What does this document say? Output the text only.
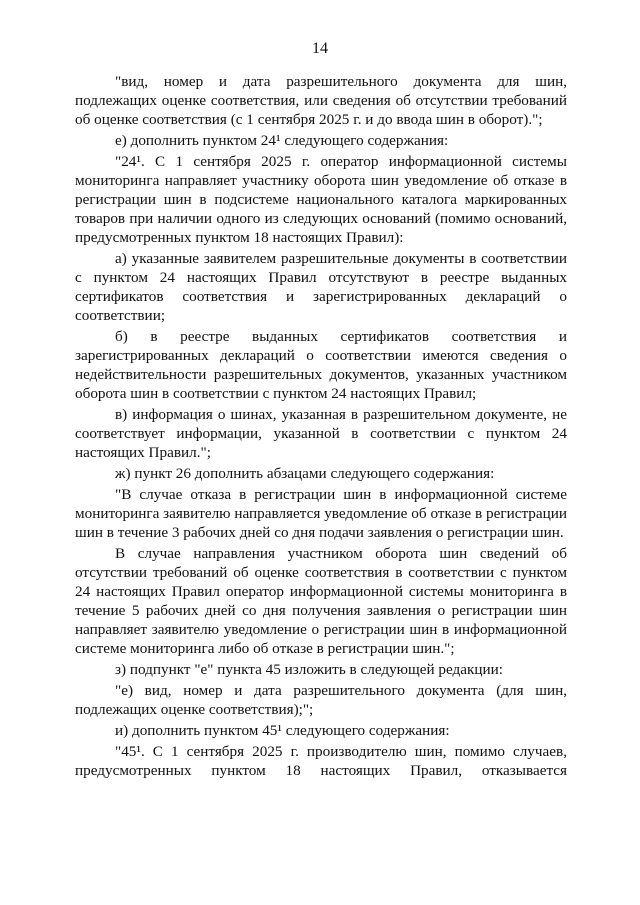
14

"вид, номер и дата разрешительного документа для шин, подлежащих оценке соответствия, или сведения об отсутствии требований об оценке соответствия (с 1 сентября 2025 г. и до ввода шин в оборот).";

е) дополнить пунктом 24¹ следующего содержания:

"24¹. С 1 сентября 2025 г. оператор информационной системы мониторинга направляет участнику оборота шин уведомление об отказе в регистрации шин в подсистеме национального каталога маркированных товаров при наличии одного из следующих оснований (помимо оснований, предусмотренных пунктом 18 настоящих Правил):

а) указанные заявителем разрешительные документы в соответствии с пунктом 24 настоящих Правил отсутствуют в реестре выданных сертификатов соответствия и зарегистрированных деклараций о соответствии;

б) в реестре выданных сертификатов соответствия и зарегистрированных деклараций о соответствии имеются сведения о недействительности разрешительных документов, указанных участником оборота шин в соответствии с пунктом 24 настоящих Правил;

в) информация о шинах, указанная в разрешительном документе, не соответствует информации, указанной в соответствии с пунктом 24 настоящих Правил.";

ж) пункт 26 дополнить абзацами следующего содержания:

"В случае отказа в регистрации шин в информационной системе мониторинга заявителю направляется уведомление об отказе в регистрации шин в течение 3 рабочих дней со дня подачи заявления о регистрации шин.

В случае направления участником оборота шин сведений об отсутствии требований об оценке соответствия в соответствии с пунктом 24 настоящих Правил оператор информационной системы мониторинга в течение 5 рабочих дней со дня получения заявления о регистрации шин направляет заявителю уведомление о регистрации шин в информационной системе мониторинга либо об отказе в регистрации шин.";

з) подпункт "е" пункта 45 изложить в следующей редакции:

"е) вид, номер и дата разрешительного документа (для шин, подлежащих оценке соответствия);";

и) дополнить пунктом 45¹ следующего содержания:

"45¹. С 1 сентября 2025 г. производителю шин, помимо случаев, предусмотренных пунктом 18 настоящих Правил, отказывается
